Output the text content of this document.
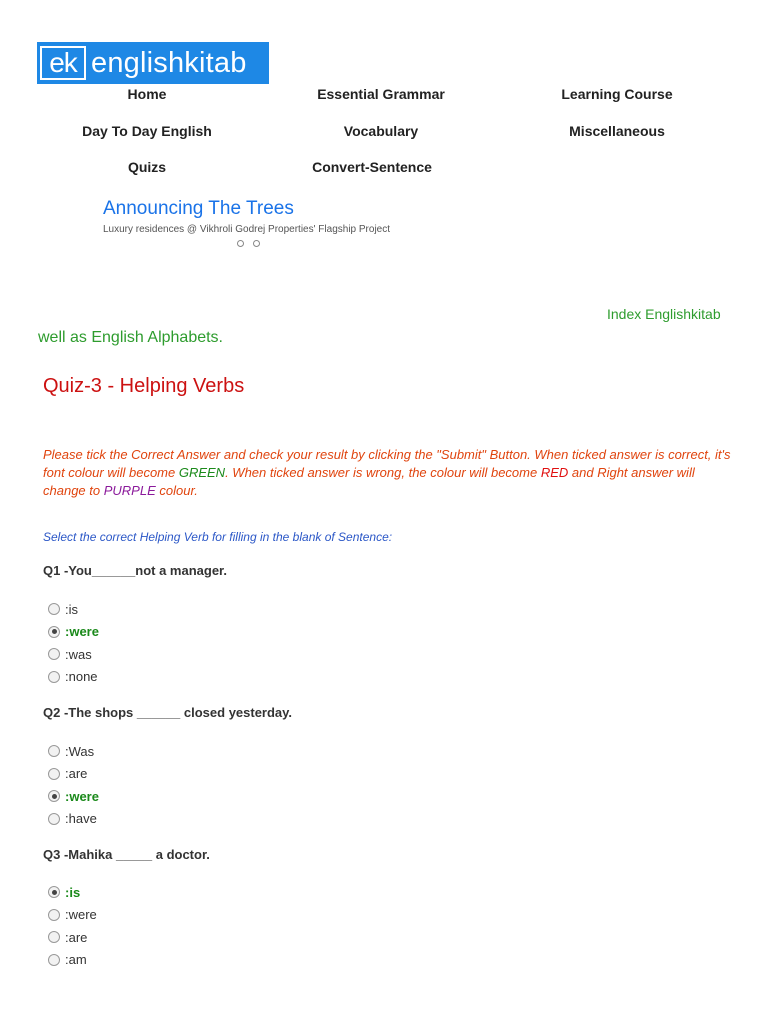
ek englishkitab
Home	Essential Grammar	Learning Course
Day To Day English	Vocabulary	Miscellaneous
Quizs	Convert-Sentence
Announcing The Trees
Luxury residences @ Vikhroli Godrej Properties' Flagship Project
Index Englishkitab
well as English Alphabets.
Quiz-3 - Helping Verbs
Please tick the Correct Answer and check your result by clicking the "Submit" Button. When ticked answer is correct, it's font colour will become GREEN. When ticked answer is wrong, the colour will become RED and Right answer will change to PURPLE colour.
Select the correct Helping Verb for filling in the blank of Sentence:
Q1 -You______not a manager.
:is
:were
:was
:none
Q2 -The shops ______ closed yesterday.
:Was
:are
:were
:have
Q3 -Mahika _____ a doctor.
:is
:were
:are
:am
